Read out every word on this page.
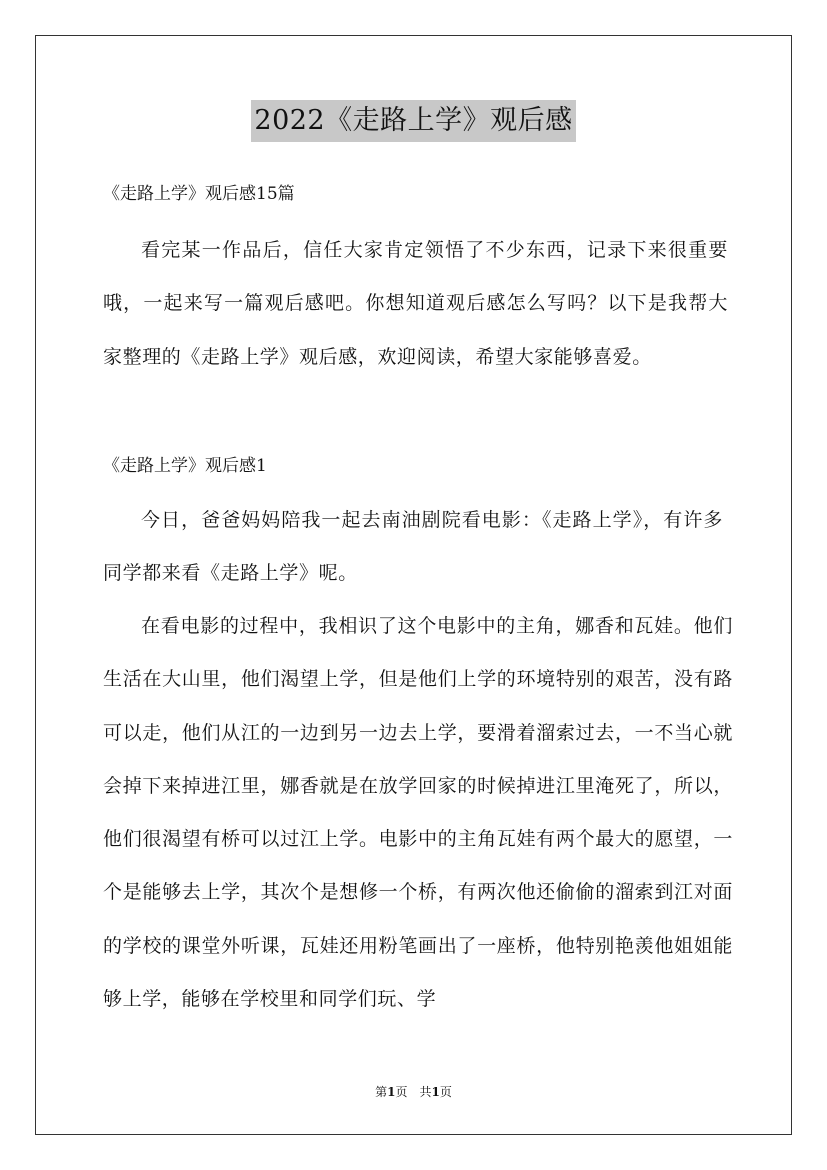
2022《走路上学》观后感
《走路上学》观后感15篇

看完某一作品后，信任大家肯定领悟了不少东西，记录下来很重要哦，一起来写一篇观后感吧。你想知道观后感怎么写吗？以下是我帮大家整理的《走路上学》观后感，欢迎阅读，希望大家能够喜爱。

《走路上学》观后感1

今日，爸爸妈妈陪我一起去南油剧院看电影：《走路上学》，有许多同学都来看《走路上学》呢。

在看电影的过程中，我相识了这个电影中的主角，娜香和瓦娃。他们生活在大山里，他们渴望上学，但是他们上学的环境特别的艰苦，没有路可以走，他们从江的一边到另一边去上学，要滑着溜索过去，一不当心就会掉下来掉进江里，娜香就是在放学回家的时候掉进江里淹死了，所以，他们很渴望有桥可以过江上学。电影中的主角瓦娃有两个最大的愿望，一个是能够去上学，其次个是想修一个桥，有两次他还偷偷的溜索到江对面的学校的课堂外听课，瓦娃还用粉笔画出了一座桥，他特别艳羡他姐姐能够上学，能够在学校里和同学们玩、学

第1页　共1页
